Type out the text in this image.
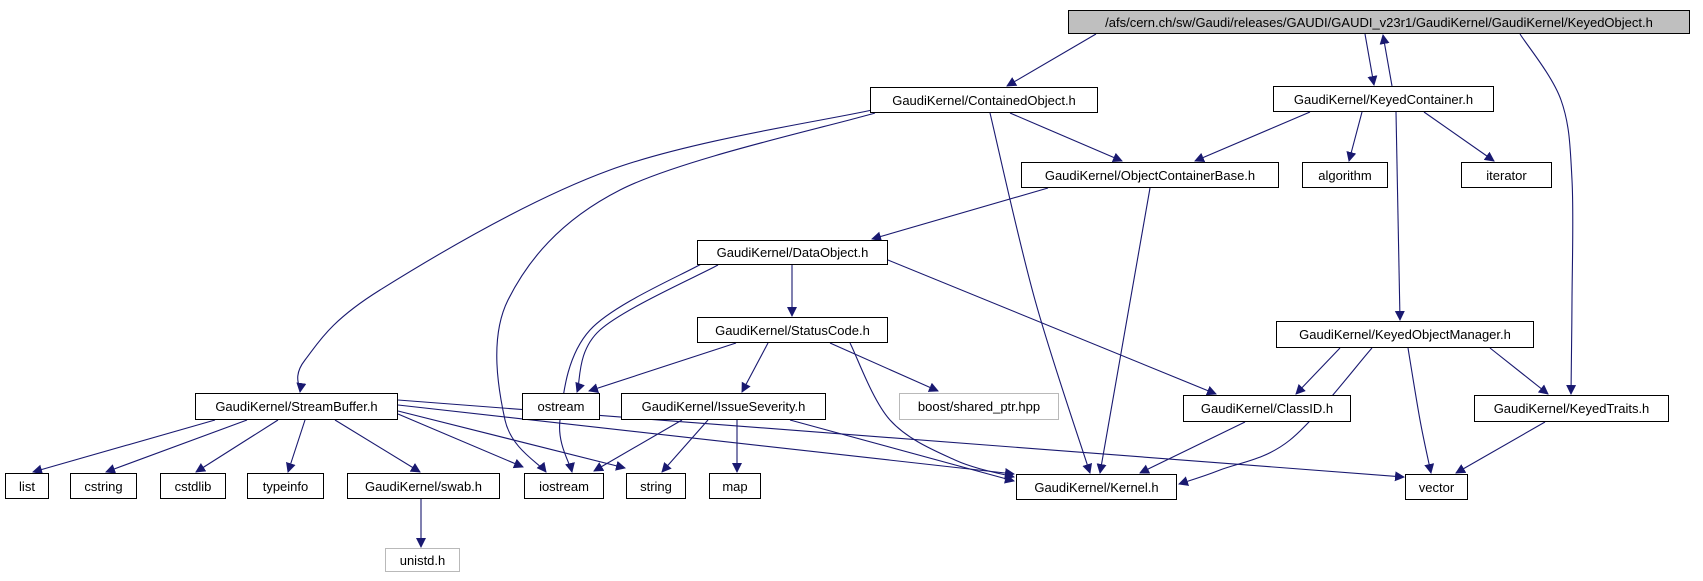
/afs/cern.ch/sw/Gaudi/releases/GAUDI/GAUDI_v23r1/GaudiKernel/GaudiKernel/KeyedObject.h
GaudiKernel/ContainedObject.h	GaudiKernel/KeyedContainer.h
GaudiKernel/ObjectContainerBase.h	algorithm	iterator
GaudiKernel/DataObject.h
GaudiKernel/StatusCode.h	GaudiKernel/KeyedObjectManager.h
GaudiKernel/StreamBuffer.h	ostream	GaudiKernel/IssueSeverity.h	boost/shared_ptr.hpp	GaudiKernel/ClassID.h	GaudiKernel/KeyedTraits.h
list	cstring	cstdlib	typeinfo	GaudiKernel/swab.h	iostream	string	map	GaudiKernel/Kernel.h	vector
unistd.h
